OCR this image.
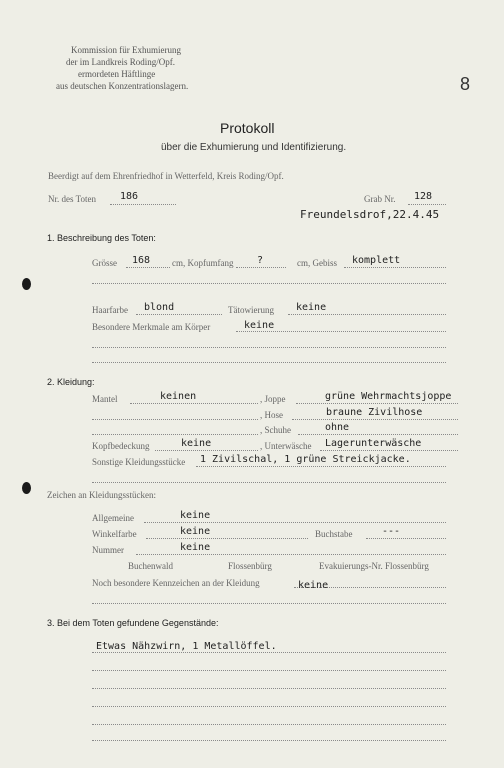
Kommission für Exhumierung
der im Landkreis Roding/Opf.
ermordeten Häftlinge
aus deutschen Konzentrationslagern.	8
Protokoll
über die Exhumierung und Identifizierung.
Beerdigt auf dem Ehrenfriedhof in Wetterfeld, Kreis Roding/Opf.
Nr. des Toten 186	Grab Nr. 128
Freundelsdrof,22.4.45
1. Beschreibung des Toten:
Grösse 168 cm, Kopfumfang ?	cm, Gebiss komplett
Haarfarbe blond	Tätowierung keine
Besondere Merkmale am Körper	keine
2. Kleidung:
Mantel	keinen	, Joppe	grüne Wehrmachtsjoppe
, Hose	braune Zivilhose
, Schuhe	ohne
Kopfbedeckung	keine	, Unterwäsche Lagerunterwäsche
Sonstige Kleidungsstücke 1 Zivilschal, 1 grüne Streickjacke.
Zeichen an Kleidungsstücken:
Allgemeine	keine
Winkelfarbe	keine	Buchstabe	---
Nummer	keine
Buchenwald	Flossenbürg	Evakuierungs-Nr. Flossenbürg
Noch besondere Kennzeichen an der Kleidung	keine
3. Bei dem Toten gefundene Gegenstände:
Etwas Nähzwirn, 1 Metallöffel.
